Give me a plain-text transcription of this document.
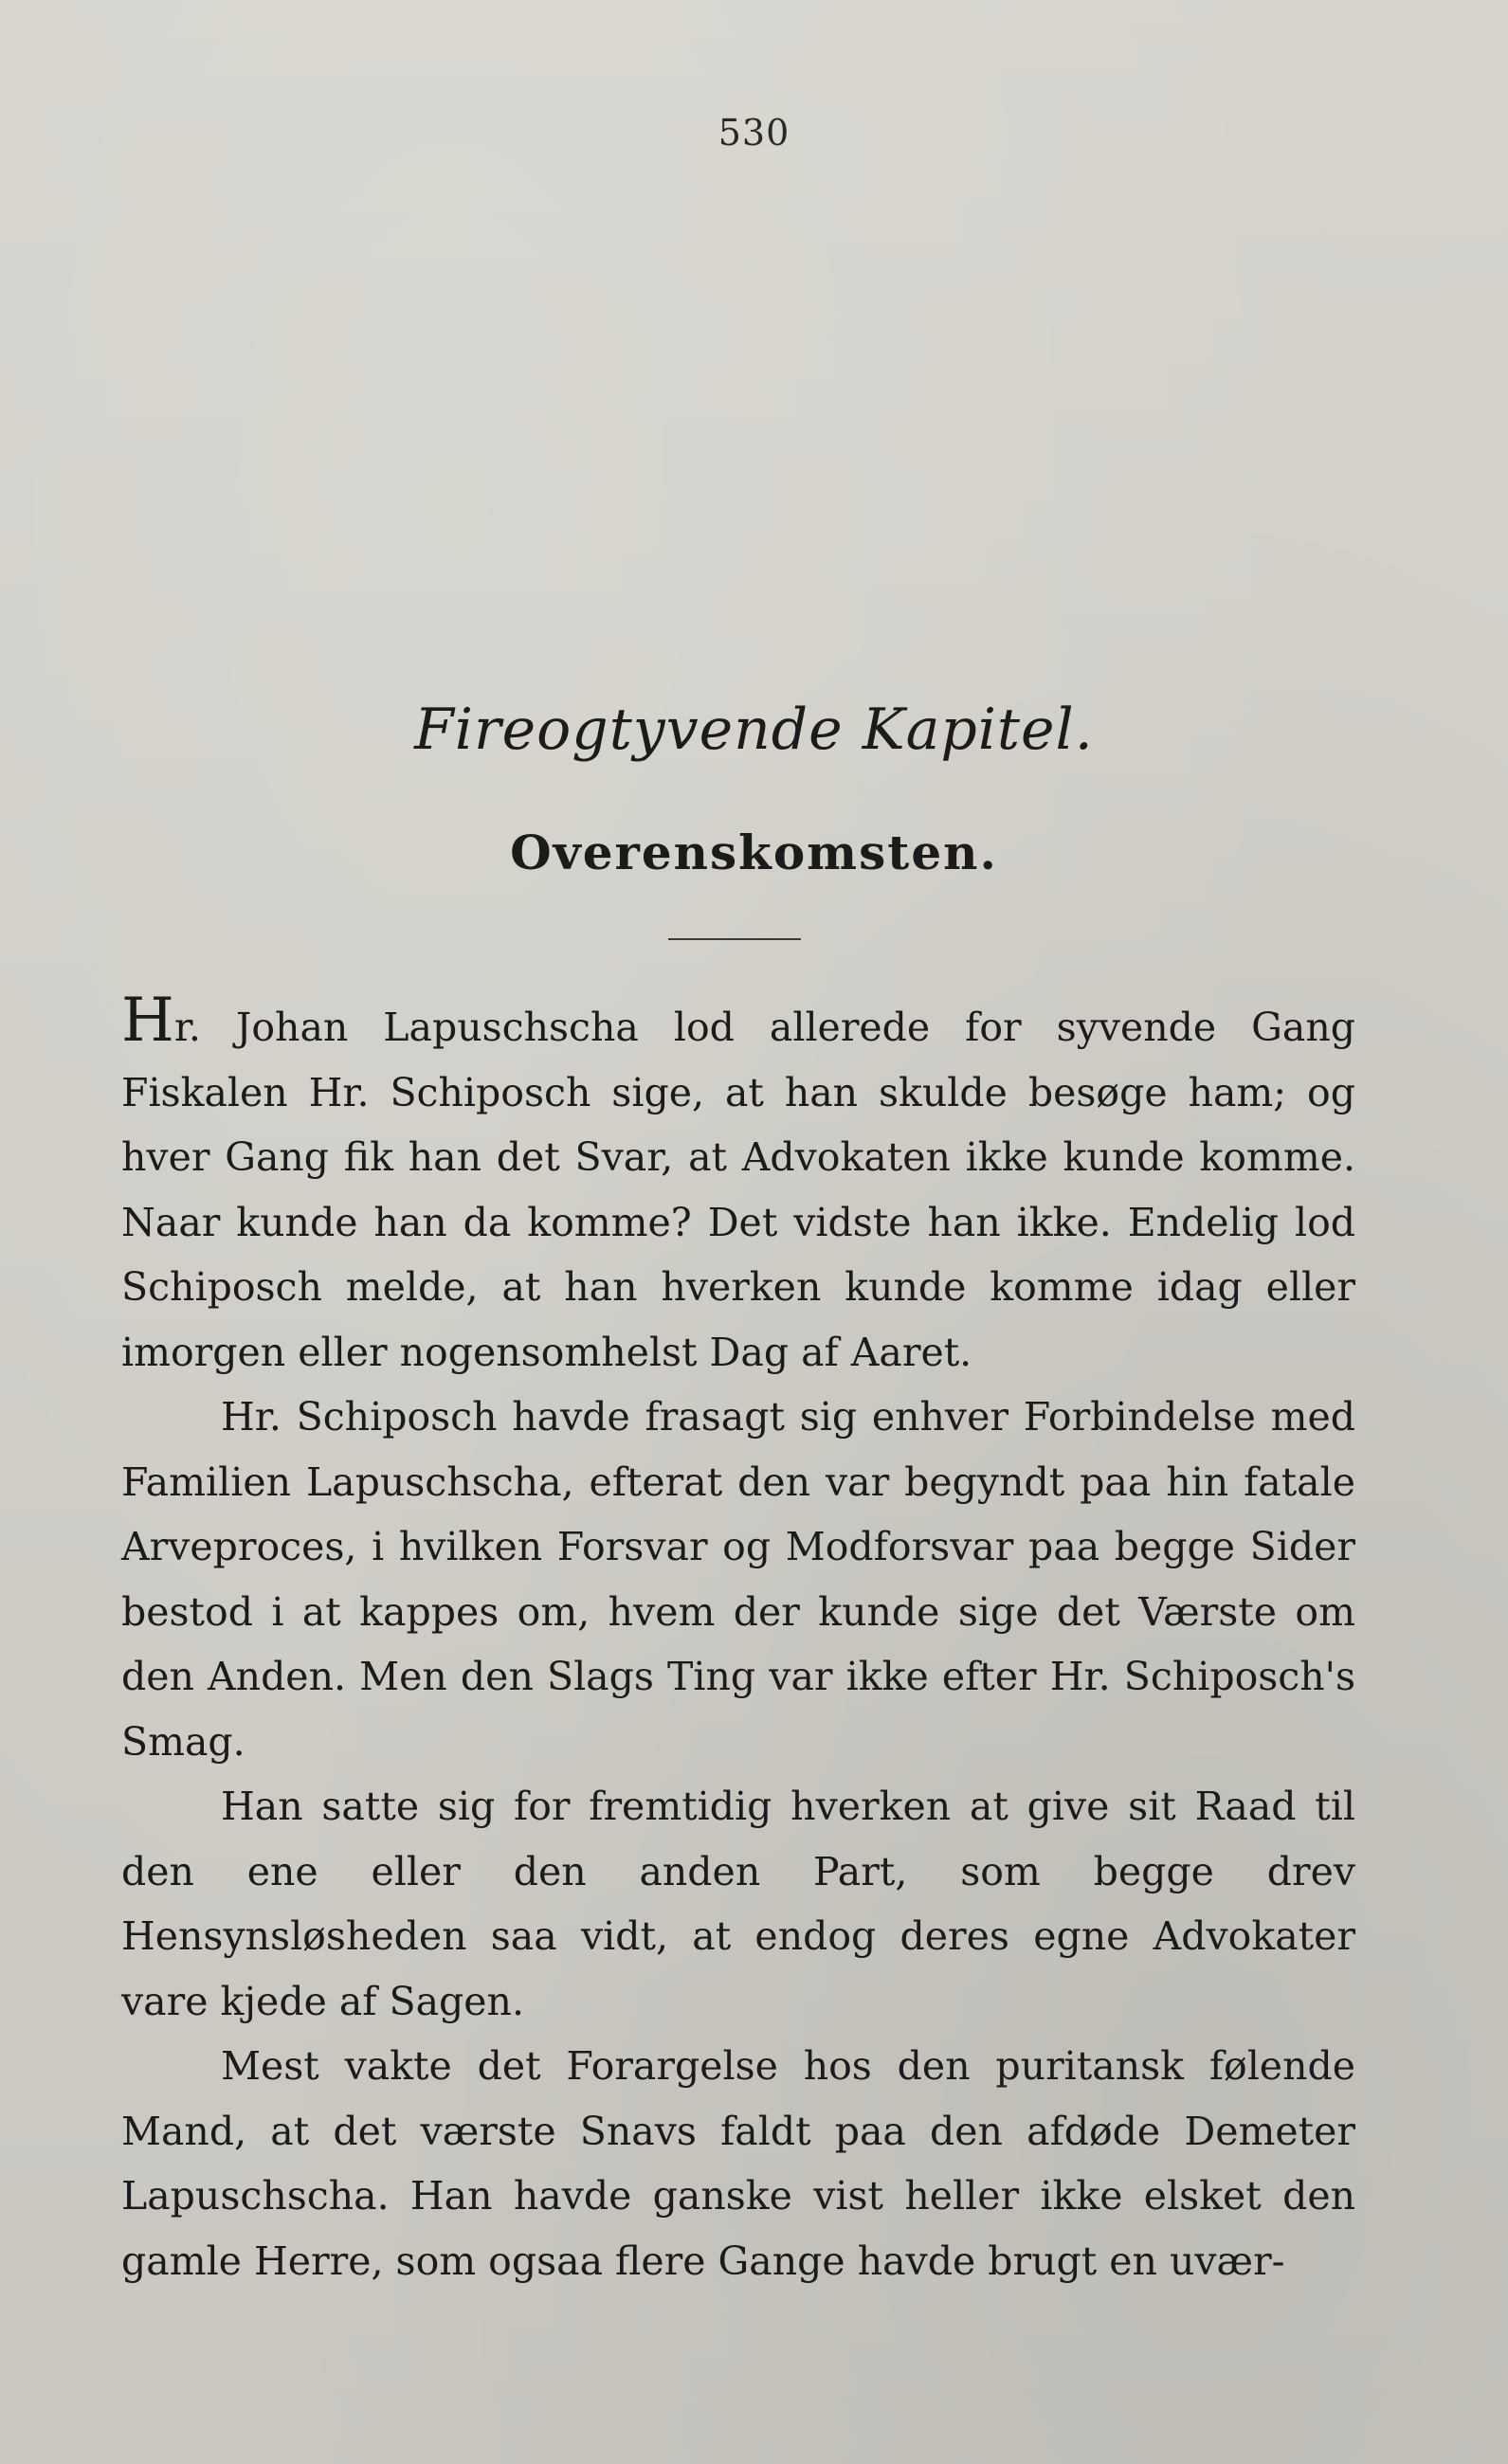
530
Fireogtyvende Kapitel.
Overenskomsten.

Hr. Johan Lapuschscha lod allerede for syvende Gang Fiskalen Hr. Schiposch sige, at han skulde besøge ham; og hver Gang fik han det Svar, at Advokaten ikke kunde komme. Naar kunde han da komme? Det vidste han ikke. Endelig lod Schiposch melde, at han hverken kunde komme idag eller imorgen eller nogensomhelst Dag af Aaret.

Hr. Schiposch havde frasagt sig enhver Forbindelse med Familien Lapuschscha, efterat den var begyndt paa hin fatale Arveproces, i hvilken Forsvar og Modforsvar paa begge Sider bestod i at kappes om, hvem der kunde sige det Værste om den Anden. Men den Slags Ting var ikke efter Hr. Schiposch's Smag.

Han satte sig for fremtidig hverken at give sit Raad til den ene eller den anden Part, som begge drev Hensynsløsheden saa vidt, at endog deres egne Advokater vare kjede af Sagen.

Mest vakte det Forargelse hos den puritansk følende Mand, at det værste Snavs faldt paa den afdøde Demeter Lapuschscha. Han havde ganske vist heller ikke elsket den gamle Herre, som ogsaa flere Gange havde brugt en uvær-
